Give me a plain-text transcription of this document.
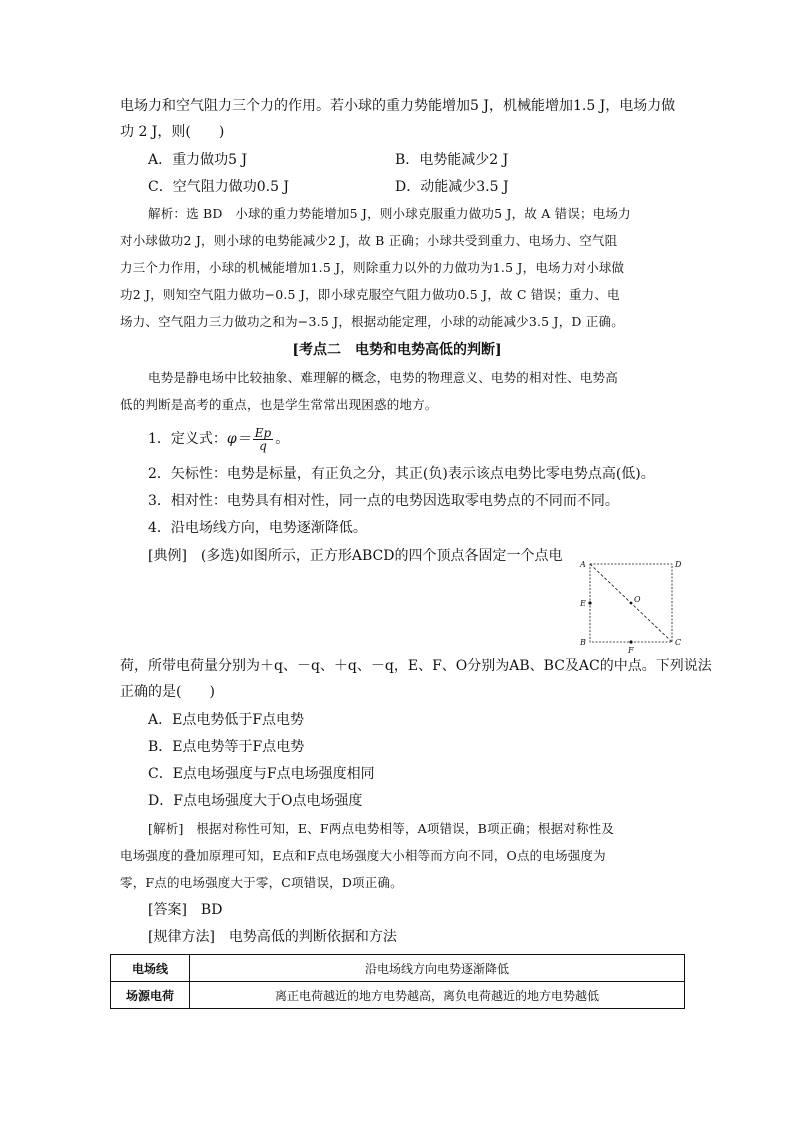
电场力和空气阻力三个力的作用。若小球的重力势能增加5 J，机械能增加1.5 J，电场力做
功 2 J，则(　　)
A．重力做功5 J	B．电势能减少2 J
C．空气阻力做功0.5 J	D．动能减少3.5 J
解析：选 BD　小球的重力势能增加5 J，则小球克服重力做功5 J，故 A 错误；电场力
对小球做功2 J，则小球的电势能减少2 J，故 B 正确；小球共受到重力、电场力、空气阻
力三个力作用，小球的机械能增加1.5 J，则除重力以外的力做功为1.5 J，电场力对小球做
功2 J，则知空气阻力做功−0.5 J，即小球克服空气阻力做功0.5 J，故 C 错误；重力、电
场力、空气阻力三力做功之和为−3.5 J，根据动能定理，小球的动能减少3.5 J，D 正确。
[考点二　电势和电势高低的判断]
电势是静电场中比较抽象、难理解的概念，电势的物理意义、电势的相对性、电势高
低的判断是高考的重点，也是学生常常出现困惑的地方。
1．定义式：$\varphi= \frac{Ep}{q}$ 。
2．矢标性：电势是标量，有正负之分，其正(负)表示该点电势比零电势点高(低)。
3．相对性：电势具有相对性，同一点的电势因选取零电势点的不同而不同。
4．沿电场线方向，电势逐渐降低。
[典例]　(多选)如图所示，正方形ABCD的四个顶点各固定一个点电
A	D
E	O
B	C
F
荷，所带电荷量分别为＋q、－q、＋q、－q，E、F、O分别为AB、BC及AC的中点。下列说法
正确的是(　　)
A．E点电势低于F点电势
B．E点电势等于F点电势
C．E点电场强度与F点电场强度相同
D．F点电场强度大于O点电场强度
[解析]　根据对称性可知，E、F两点电势相等，A项错误，B项正确；根据对称性及
电场强度的叠加原理可知，E点和F点电场强度大小相等而方向不同，O点的电场强度为
零，F点的电场强度大于零，C项错误，D项正确。
[答案]　BD
[规律方法]　电势高低的判断依据和方法
电场线	沿电场线方向电势逐渐降低
场源电荷	离正电荷越近的地方电势越高，离负电荷越近的地方电势越低
